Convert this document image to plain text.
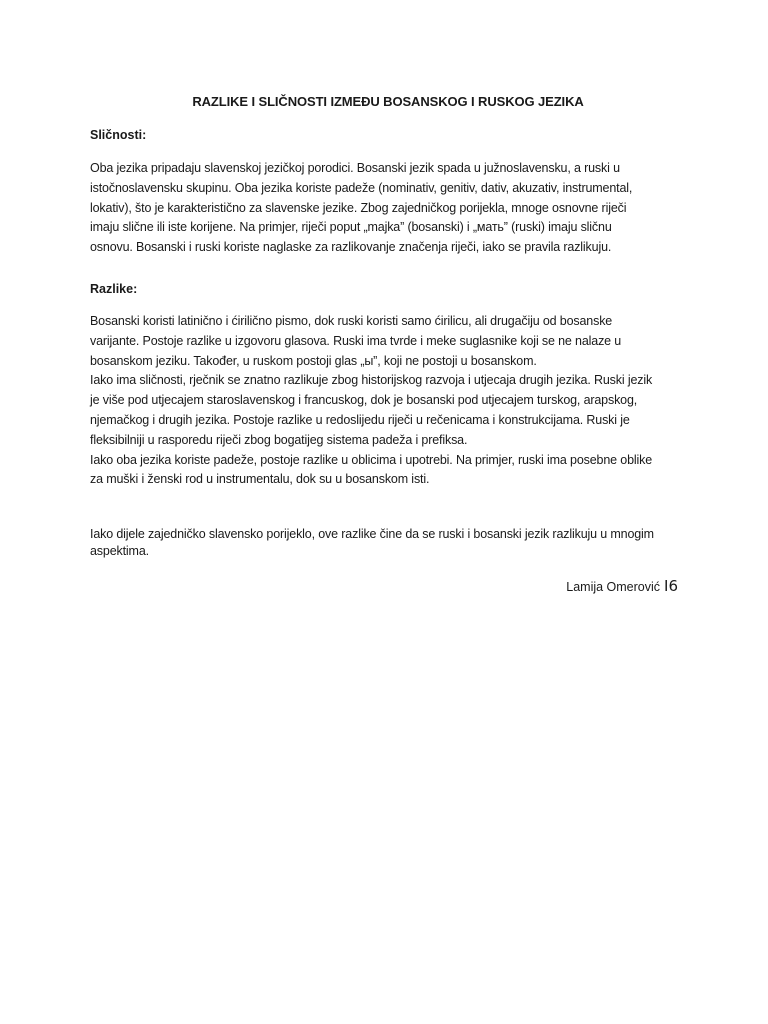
RAZLIKE I SLIČNOSTI IZMEĐU BOSANSKOG I RUSKOG JEZIKA

Sličnosti:

Oba jezika pripadaju slavenskoj jezičkoj porodici. Bosanski jezik spada u južnoslavensku, a ruski u
istočnoslavensku skupinu. Oba jezika koriste padeže (nominativ, genitiv, dativ, akuzativ, instrumental,
lokativ), što je karakteristično za slavenske jezike. Zbog zajedničkog porijekla, mnoge osnovne riječi
imaju slične ili iste korijene. Na primjer, riječi poput „majka” (bosanski) i „мать” (ruski) imaju sličnu
osnovu. Bosanski i ruski koriste naglaske za razlikovanje značenja riječi, iako se pravila razlikuju.

Razlike:

Bosanski koristi latinično i ćirilično pismo, dok ruski koristi samo ćirilicu, ali drugačiju od bosanske
varijante. Postoje razlike u izgovoru glasova. Ruski ima tvrde i meke suglasnike koji se ne nalaze u
bosanskom jeziku. Također, u ruskom postoji glas „ы”, koji ne postoji u bosanskom.
Iako ima sličnosti, rječnik se znatno razlikuje zbog historijskog razvoja i utjecaja drugih jezika. Ruski jezik
je više pod utjecajem staroslavenskog i francuskog, dok je bosanski pod utjecajem turskog, arapskog,
njemačkog i drugih jezika. Postoje razlike u redoslijedu riječi u rečenicama i konstrukcijama. Ruski je
fleksibilniji u rasporedu riječi zbog bogatijeg sistema padeža i prefiksa.
Iako oba jezika koriste padeže, postoje razlike u oblicima i upotrebi. Na primjer, ruski ima posebne oblike
za muški i ženski rod u instrumentalu, dok su u bosanskom isti.

Iako dijele zajedničko slavensko porijeklo, ove razlike čine da se ruski i bosanski jezik razlikuju u mnogim
aspektima.

Lamija Omerović I6
